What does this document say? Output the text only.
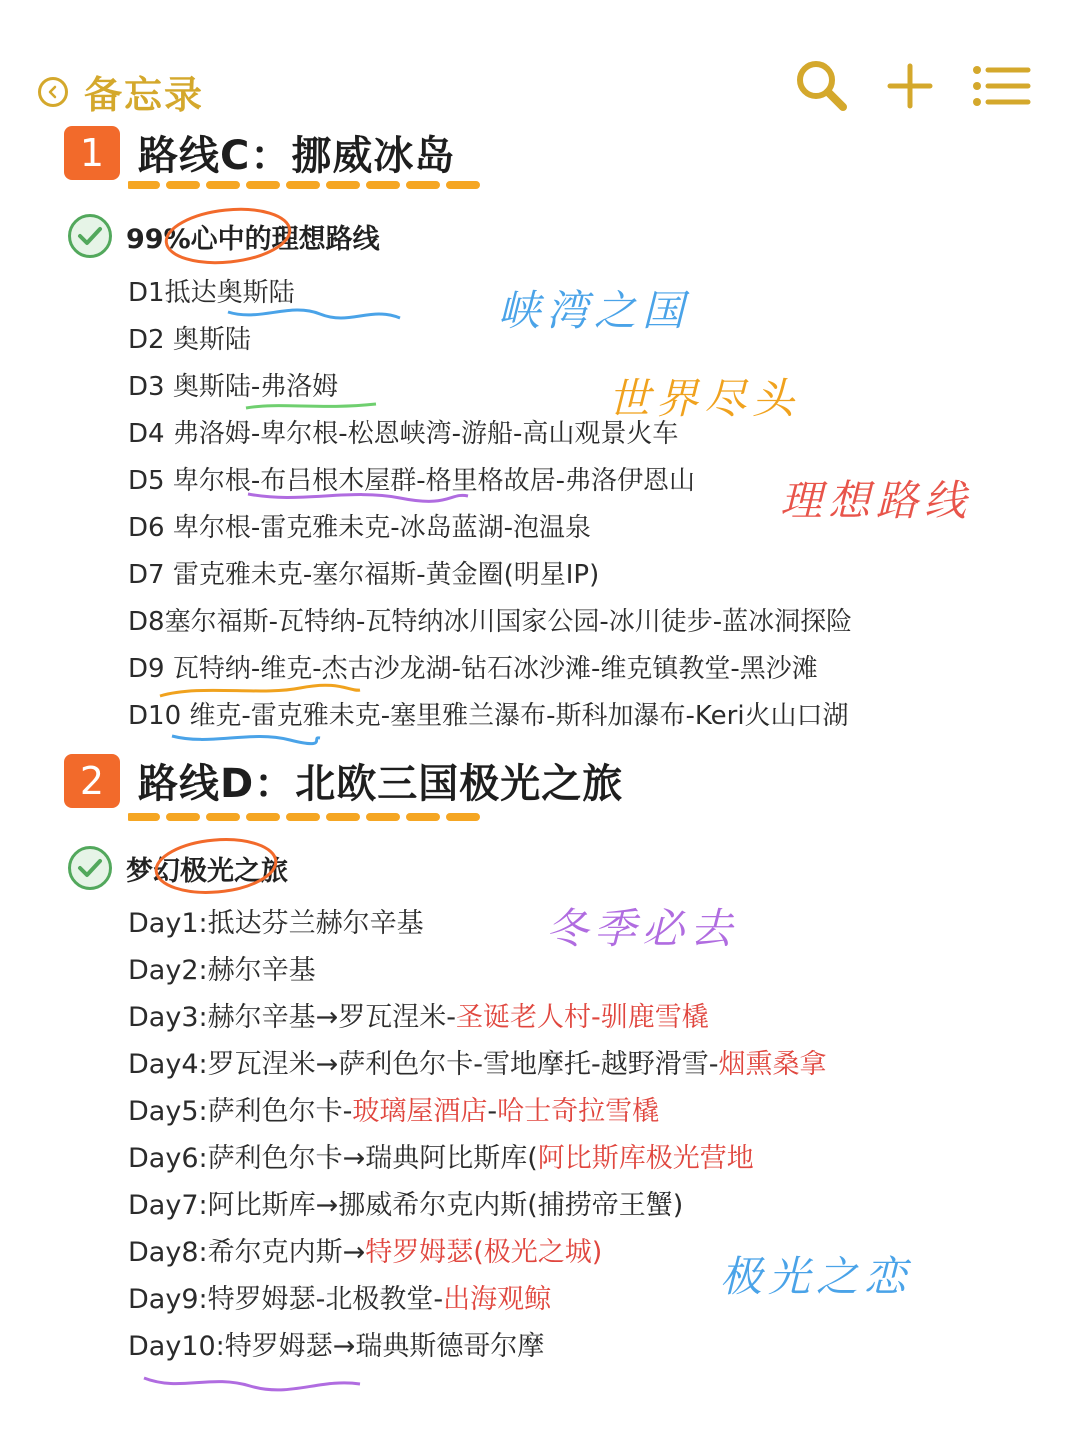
备忘录
1 路线C：挪威冰岛
99%心中的理想路线
D1抵达奥斯陆
D2 奥斯陆
D3 奥斯陆-弗洛姆
D4 弗洛姆-卑尔根-松恩峡湾-游船-高山观景火车
D5 卑尔根-布吕根木屋群-格里格故居-弗洛伊恩山
D6 卑尔根-雷克雅未克-冰岛蓝湖-泡温泉
D7 雷克雅未克-塞尔福斯-黄金圈(明星IP)
D8塞尔福斯-瓦特纳-瓦特纳冰川国家公园-冰川徒步-蓝冰洞探险
D9 瓦特纳-维克-杰古沙龙湖-钻石冰沙滩-维克镇教堂-黑沙滩
D10 维克-雷克雅未克-塞里雅兰瀑布-斯科加瀑布-Keri火山口湖
2 路线D：北欧三国极光之旅
梦幻极光之旅
Day1:抵达芬兰赫尔辛基
Day2:赫尔辛基
Day3:赫尔辛基→罗瓦涅米-圣诞老人村-驯鹿雪橇
Day4:罗瓦涅米→萨利色尔卡-雪地摩托-越野滑雪-烟熏桑拿
Day5:萨利色尔卡-玻璃屋酒店-哈士奇拉雪橇
Day6:萨利色尔卡→瑞典阿比斯库(阿比斯库极光营地
Day7:阿比斯库→挪威希尔克内斯(捕捞帝王蟹)
Day8:希尔克内斯→特罗姆瑟(极光之城)
Day9:特罗姆瑟-北极教堂-出海观鲸
Day10:特罗姆瑟→瑞典斯德哥尔摩
峡湾之国
世界尽头
理想路线
冬季必去
极光之恋
